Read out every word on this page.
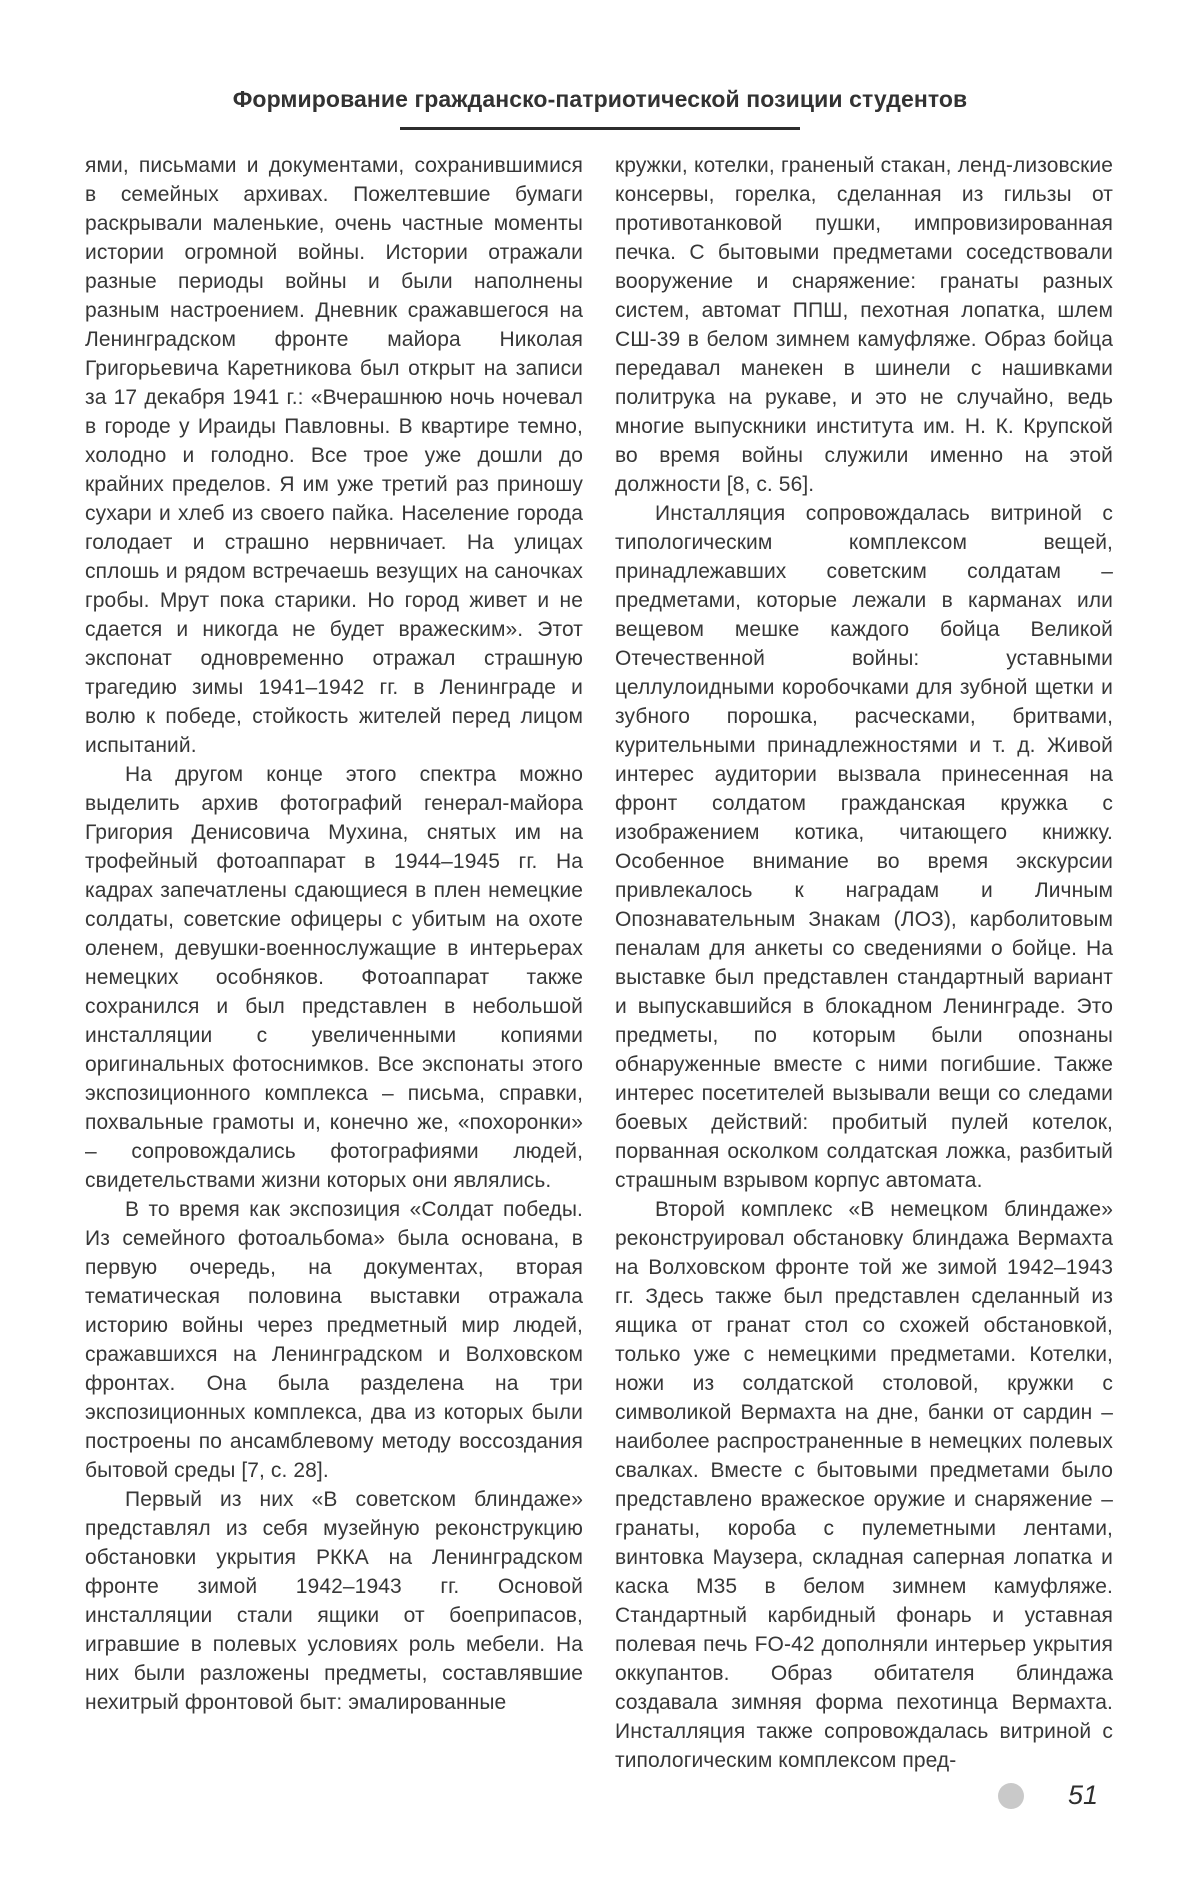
Формирование гражданско-патриотической позиции студентов

ями, письмами и документами, сохранившимися в семейных архивах. Пожелтевшие бумаги раскрывали маленькие, очень частные моменты истории огромной войны. Истории отражали разные периоды войны и были наполнены разным настроением. Дневник сражавшегося на Ленинградском фронте майора Николая Григорьевича Каретникова был открыт на записи за 17 декабря 1941 г.: «Вчерашнюю ночь ночевал в городе у Ираиды Павловны. В квартире темно, холодно и голодно. Все трое уже дошли до крайних пределов. Я им уже третий раз приношу сухари и хлеб из своего пайка. Население города голодает и страшно нервничает. На улицах сплошь и рядом встречаешь везущих на саночках гробы. Мрут пока старики. Но город живет и не сдается и никогда не будет вражеским». Этот экспонат одновременно отражал страшную трагедию зимы 1941–1942 гг. в Ленинграде и волю к победе, стойкость жителей перед лицом испытаний.

На другом конце этого спектра можно выделить архив фотографий генерал-майора Григория Денисовича Мухина, снятых им на трофейный фотоаппарат в 1944–1945 гг. На кадрах запечатлены сдающиеся в плен немецкие солдаты, советские офицеры с убитым на охоте оленем, девушки-военнослужащие в интерьерах немецких особняков. Фотоаппарат также сохранился и был представлен в небольшой инсталляции с увеличенными копиями оригинальных фотоснимков. Все экспонаты этого экспозиционного комплекса – письма, справки, похвальные грамоты и, конечно же, «похоронки» – сопровождались фотографиями людей, свидетельствами жизни которых они являлись.

В то время как экспозиция «Солдат победы. Из семейного фотоальбома» была основана, в первую очередь, на документах, вторая тематическая половина выставки отражала историю войны через предметный мир людей, сражавшихся на Ленинградском и Волховском фронтах. Она была разделена на три экспозиционных комплекса, два из которых были построены по ансамблевому методу воссоздания бытовой среды [7, с. 28].

Первый из них «В советском блиндаже» представлял из себя музейную реконструкцию обстановки укрытия РККА на Ленинградском фронте зимой 1942–1943 гг. Основой инсталляции стали ящики от боеприпасов, игравшие в полевых условиях роль мебели. На них были разложены предметы, составлявшие нехитрый фронтовой быт: эмалированные

кружки, котелки, граненый стакан, ленд-лизовские консервы, горелка, сделанная из гильзы от противотанковой пушки, импровизированная печка. С бытовыми предметами соседствовали вооружение и снаряжение: гранаты разных систем, автомат ППШ, пехотная лопатка, шлем СШ-39 в белом зимнем камуфляже. Образ бойца передавал манекен в шинели с нашивками политрука на рукаве, и это не случайно, ведь многие выпускники института им. Н. К. Крупской во время войны служили именно на этой должности [8, с. 56].

Инсталляция сопровождалась витриной с типологическим комплексом вещей, принадлежавших советским солдатам – предметами, которые лежали в карманах или вещевом мешке каждого бойца Великой Отечественной войны: уставными целлулоидными коробочками для зубной щетки и зубного порошка, расческами, бритвами, курительными принадлежностями и т. д. Живой интерес аудитории вызвала принесенная на фронт солдатом гражданская кружка с изображением котика, читающего книжку. Особенное внимание во время экскурсии привлекалось к наградам и Личным Опознавательным Знакам (ЛОЗ), карболитовым пеналам для анкеты со сведениями о бойце. На выставке был представлен стандартный вариант и выпускавшийся в блокадном Ленинграде. Это предметы, по которым были опознаны обнаруженные вместе с ними погибшие. Также интерес посетителей вызывали вещи со следами боевых действий: пробитый пулей котелок, порванная осколком солдатская ложка, разбитый страшным взрывом корпус автомата.

Второй комплекс «В немецком блиндаже» реконструировал обстановку блиндажа Вермахта на Волховском фронте той же зимой 1942–1943 гг. Здесь также был представлен сделанный из ящика от гранат стол со схожей обстановкой, только уже с немецкими предметами. Котелки, ножи из солдатской столовой, кружки с символикой Вермахта на дне, банки от сардин – наиболее распространенные в немецких полевых свалках. Вместе с бытовыми предметами было представлено вражеское оружие и снаряжение – гранаты, короба с пулеметными лентами, винтовка Маузера, складная саперная лопатка и каска М35 в белом зимнем камуфляже. Стандартный карбидный фонарь и уставная полевая печь FO-42 дополняли интерьер укрытия оккупантов. Образ обитателя блиндажа создавала зимняя форма пехотинца Вермахта. Инсталляция также сопровождалась витриной с типологическим комплексом пред-

51
